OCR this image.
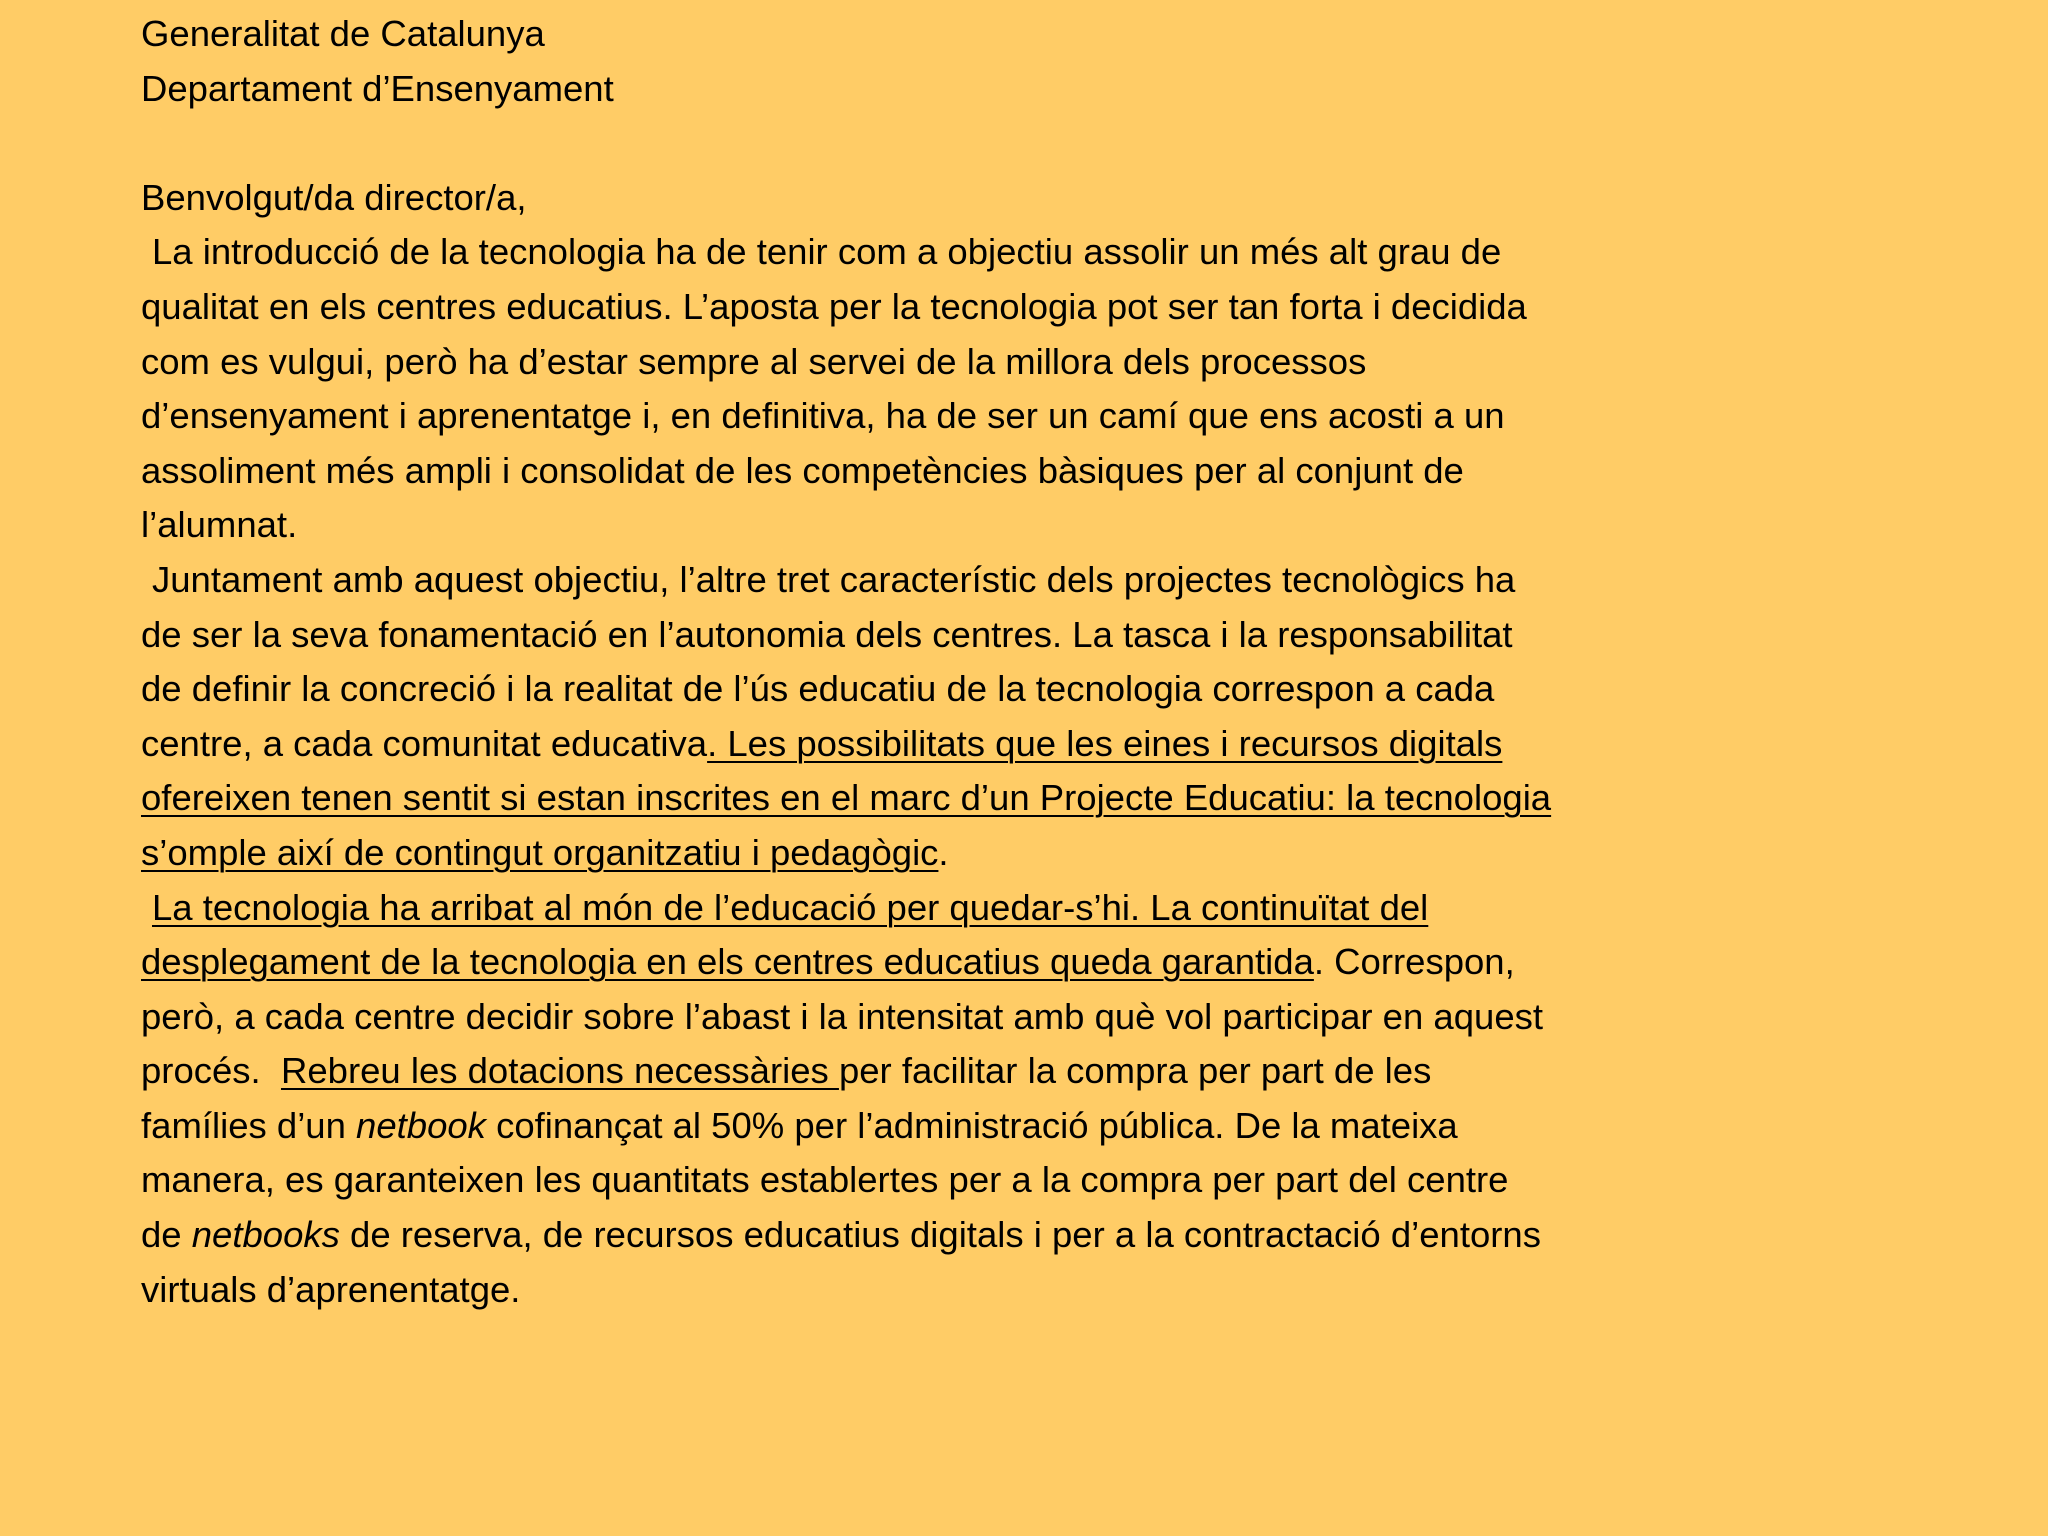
Generalitat de Catalunya
Departament d’Ensenyament
Benvolgut/da director/a,
La introducció de la tecnologia ha de tenir com a objectiu assolir un més alt grau de
qualitat en els centres educatius. L’aposta per la tecnologia pot ser tan forta i decidida
com es vulgui, però ha d’estar sempre al servei de la millora dels processos
d’ensenyament i aprenentatge i, en definitiva, ha de ser un camí que ens acosti a un
assoliment més ampli i consolidat de les competències bàsiques per al conjunt de
l’alumnat.
Juntament amb aquest objectiu, l’altre tret característic dels projectes tecnològics ha
de ser la seva fonamentació en l’autonomia dels centres. La tasca i la responsabilitat
de definir la concreció i la realitat de l’ús educatiu de la tecnologia correspon a cada
centre, a cada comunitat educativa. Les possibilitats que les eines i recursos digitals
ofereixen tenen sentit si estan inscrites en el marc d’un Projecte Educatiu: la tecnologia
s’omple així de contingut organitzatiu i pedagògic.
La tecnologia ha arribat al món de l’educació per quedar-s’hi. La continuïtat del
desplegament de la tecnologia en els centres educatius queda garantida. Correspon,
però, a cada centre decidir sobre l’abast i la intensitat amb què vol participar en aquest
procés.  Rebreu les dotacions necessàries per facilitar la compra per part de les
famílies d’un netbook cofinançat al 50% per l’administració pública. De la mateixa
manera, es garanteixen les quantitats establertes per a la compra per part del centre
de netbooks de reserva, de recursos educatius digitals i per a la contractació d’entorns
virtuals d’aprenentatge.
